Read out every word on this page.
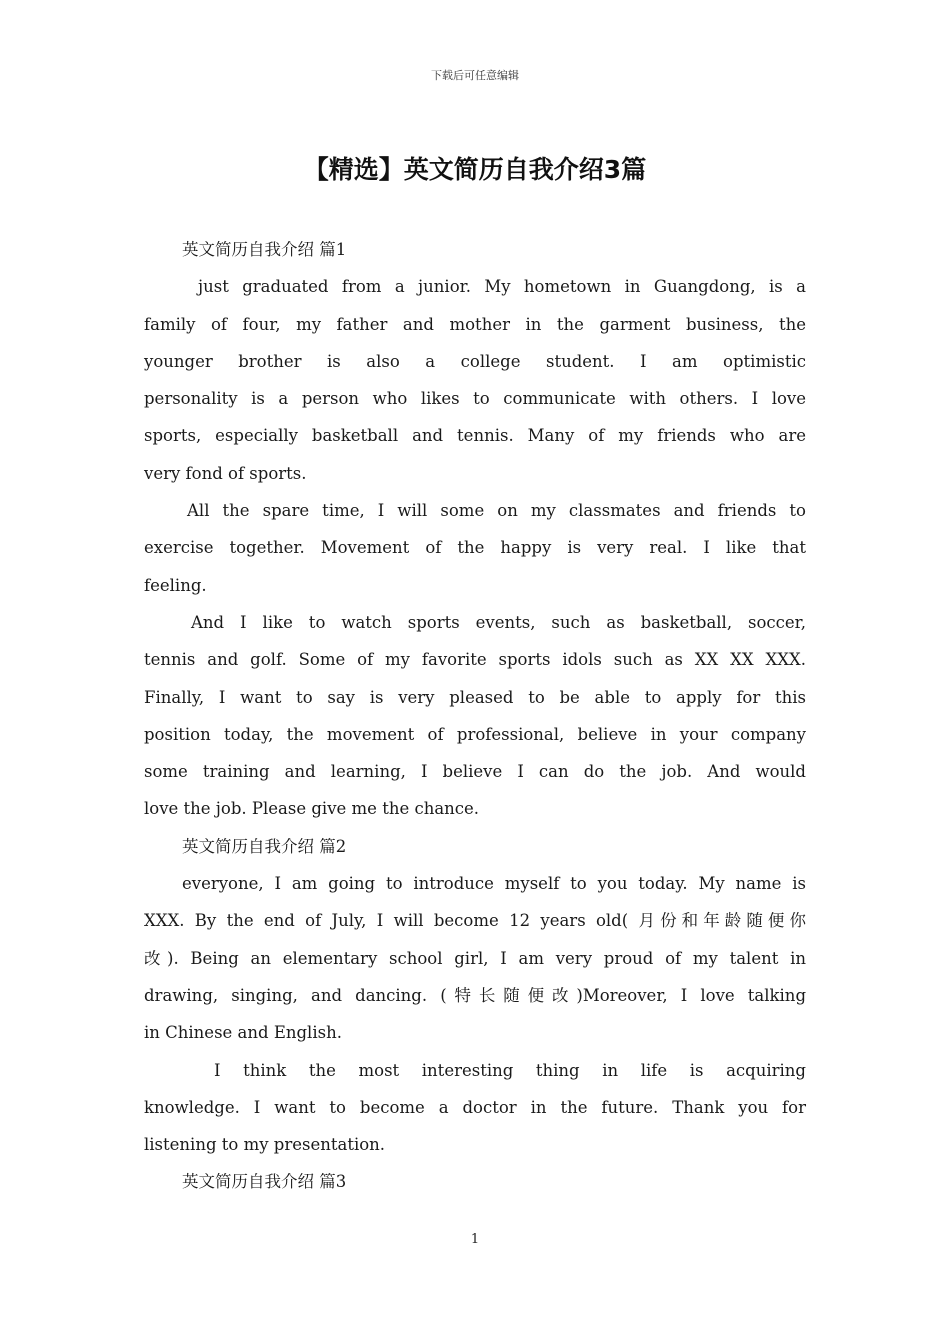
下载后可任意编辑
【精选】英文简历自我介绍3篇
英文简历自我介绍 篇1
just graduated from a junior. My hometown in Guangdong, is a
family of four, my father and mother in the garment business, the
younger brother is also a college student. I am optimistic
personality is a person who likes to communicate with others. I love
sports, especially basketball and tennis. Many of my friends who are
very fond of sports.
All the spare time, I will some on my classmates and friends to
exercise together. Movement of the happy is very real. I like that
feeling.
And I like to watch sports events, such as basketball, soccer,
tennis and golf. Some of my favorite sports idols such as XX XX XXX.
Finally, I want to say is very pleased to be able to apply for this
position today, the movement of professional, believe in your company
some training and learning, I believe I can do the job. And would
love the job. Please give me the chance.
英文简历自我介绍 篇2
everyone, I am going to introduce myself to you today. My name is
XXX. By the end of July, I will become 12 years old( 月份和年龄随便你
改). Being an elementary school girl, I am very proud of my talent in
drawing, singing, and dancing. (特长随便改)Moreover, I love talking
in Chinese and English.
I think the most interesting thing in life is acquiring
knowledge. I want to become a doctor in the future. Thank you for
listening to my presentation.
英文简历自我介绍 篇3
1
